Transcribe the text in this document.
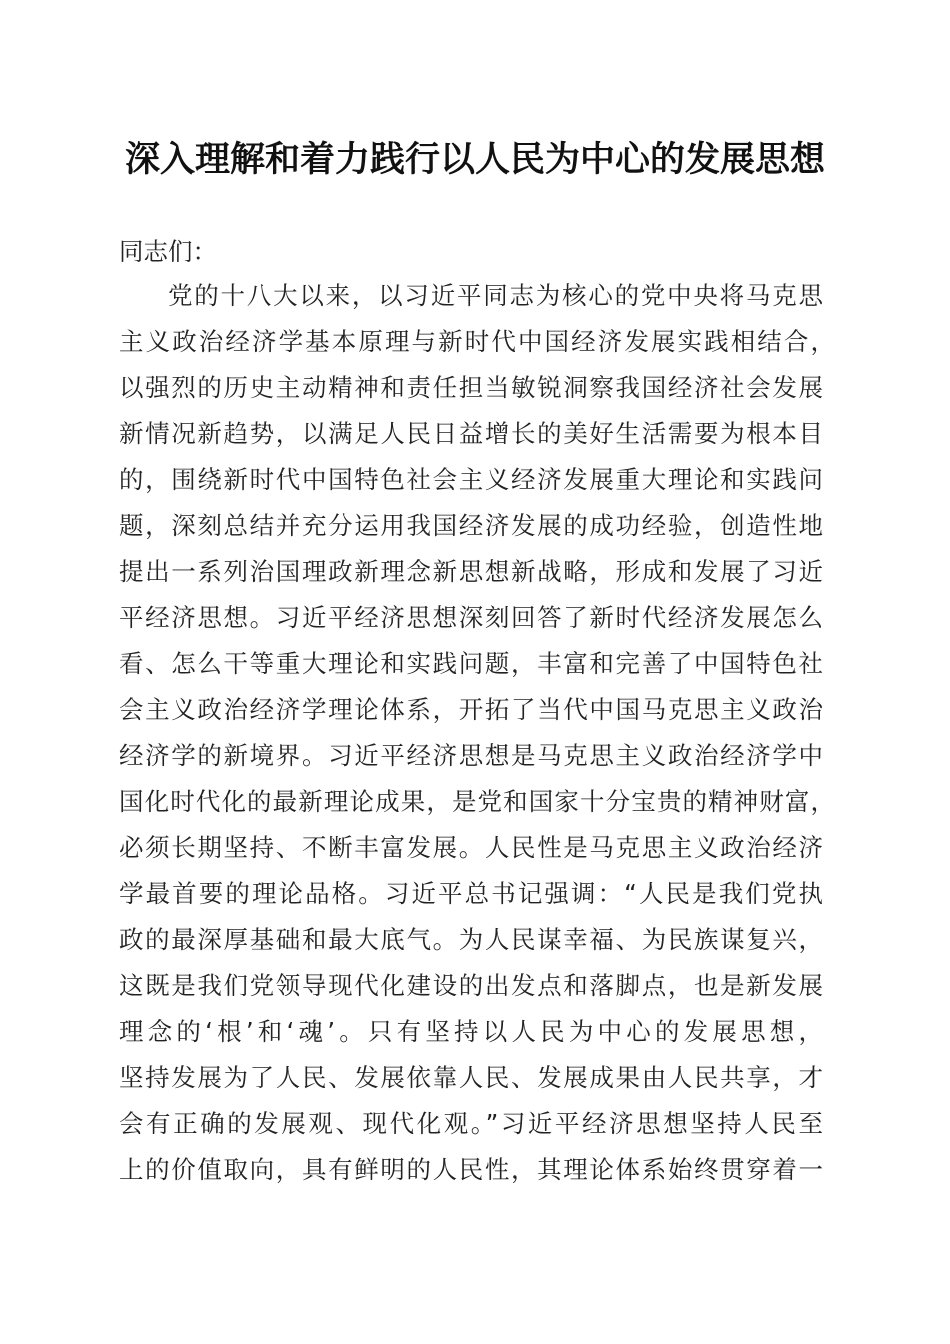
深入理解和着力践行以人民为中心的发展思想
同志们：
党的十八大以来，以习近平同志为核心的党中央将马克思
主义政治经济学基本原理与新时代中国经济发展实践相结合，
以强烈的历史主动精神和责任担当敏锐洞察我国经济社会发展
新情况新趋势，以满足人民日益增长的美好生活需要为根本目
的，围绕新时代中国特色社会主义经济发展重大理论和实践问
题，深刻总结并充分运用我国经济发展的成功经验，创造性地
提出一系列治国理政新理念新思想新战略，形成和发展了习近
平经济思想。习近平经济思想深刻回答了新时代经济发展怎么
看、怎么干等重大理论和实践问题，丰富和完善了中国特色社
会主义政治经济学理论体系，开拓了当代中国马克思主义政治
经济学的新境界。习近平经济思想是马克思主义政治经济学中
国化时代化的最新理论成果，是党和国家十分宝贵的精神财富，
必须长期坚持、不断丰富发展。人民性是马克思主义政治经济
学最首要的理论品格。习近平总书记强调：“人民是我们党执
政的最深厚基础和最大底气。为人民谋幸福、为民族谋复兴，
这既是我们党领导现代化建设的出发点和落脚点，也是新发展
理念的‘根’和‘魂’。只有坚持以人民为中心的发展思想，
坚持发展为了人民、发展依靠人民、发展成果由人民共享，才
会有正确的发展观、现代化观。”习近平经济思想坚持人民至
上的价值取向，具有鲜明的人民性，其理论体系始终贯穿着一
